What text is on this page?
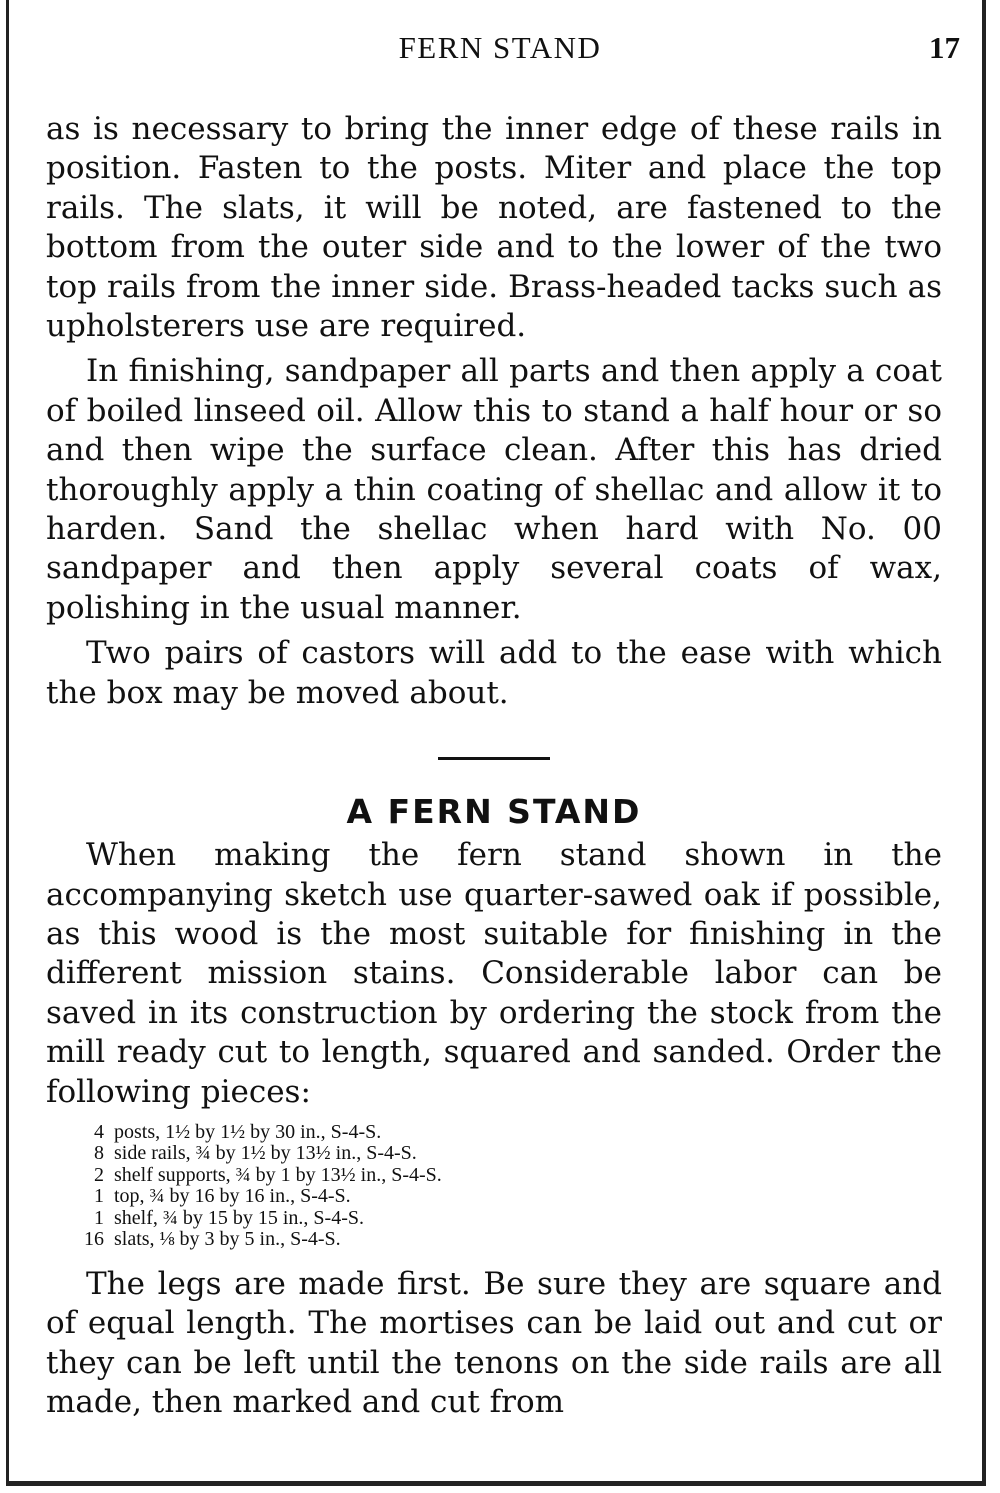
FERN STAND	17

as is necessary to bring the inner edge of these rails in position. Fasten to the posts. Miter and place the top rails. The slats, it will be noted, are fastened to the bottom from the outer side and to the lower of the two top rails from the inner side. Brass-headed tacks such as upholsterers use are required.

In finishing, sandpaper all parts and then apply a coat of boiled linseed oil. Allow this to stand a half hour or so and then wipe the surface clean. After this has dried thoroughly apply a thin coating of shellac and allow it to harden. Sand the shellac when hard with No. 00 sandpaper and then apply several coats of wax, polishing in the usual manner.

Two pairs of castors will add to the ease with which the box may be moved about.

A FERN STAND

When making the fern stand shown in the accompanying sketch use quarter-sawed oak if possible, as this wood is the most suitable for finishing in the different mission stains. Considerable labor can be saved in its construction by ordering the stock from the mill ready cut to length, squared and sanded. Order the following pieces:

4 posts, 1½ by 1½ by 30 in., S-4-S.
8 side rails, ¾ by 1½ by 13½ in., S-4-S.
2 shelf supports, ¾ by 1 by 13½ in., S-4-S.
1 top, ¾ by 16 by 16 in., S-4-S.
1 shelf, ¾ by 15 by 15 in., S-4-S.
16 slats, ⅛ by 3 by 5 in., S-4-S.

The legs are made first. Be sure they are square and of equal length. The mortises can be laid out and cut or they can be left until the tenons on the side rails are all made, then marked and cut from
